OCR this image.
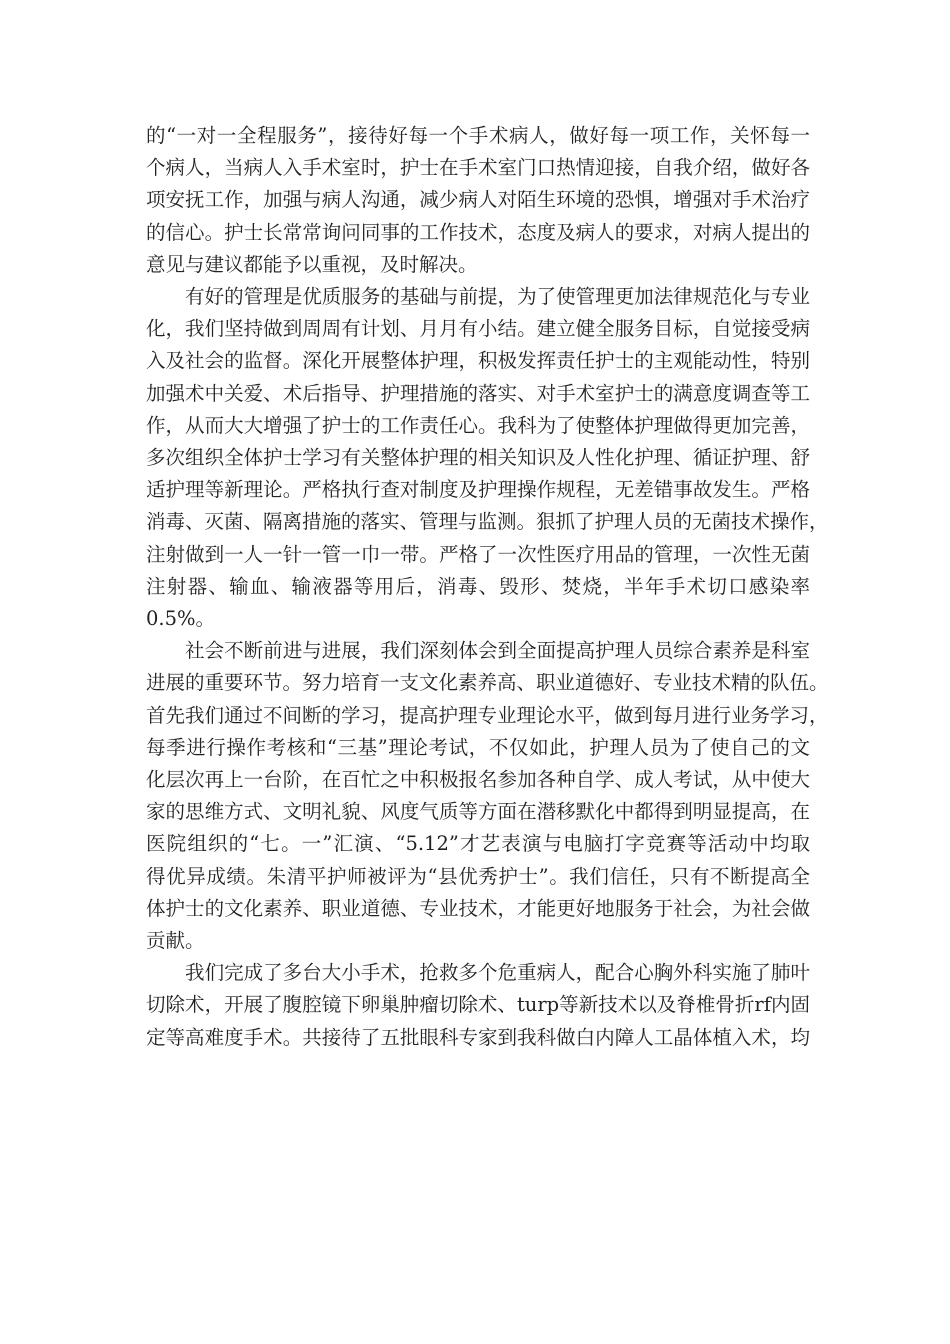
的“一对一全程服务”，接待好每一个手术病人，做好每一项工作，关怀每一
个病人，当病人入手术室时，护士在手术室门口热情迎接，自我介绍，做好各
项安抚工作，加强与病人沟通，减少病人对陌生环境的恐惧，增强对手术治疗
的信心。护士长常常询问同事的工作技术，态度及病人的要求，对病人提出的
意见与建议都能予以重视，及时解决。

　　有好的管理是优质服务的基础与前提，为了使管理更加法律规范化与专业
化，我们坚持做到周周有计划、月月有小结。建立健全服务目标，自觉接受病
入及社会的监督。深化开展整体护理，积极发挥责任护士的主观能动性，特别
加强术中关爱、术后指导、护理措施的落实、对手术室护士的满意度调查等工
作，从而大大增强了护士的工作责任心。我科为了使整体护理做得更加完善，
多次组织全体护士学习有关整体护理的相关知识及人性化护理、循证护理、舒
适护理等新理论。严格执行查对制度及护理操作规程，无差错事故发生。严格
消毒、灭菌、隔离措施的落实、管理与监测。狠抓了护理人员的无菌技术操作，
注射做到一人一针一管一巾一带。严格了一次性医疗用品的管理，一次性无菌
注射器、输血、输液器等用后，消毒、毁形、焚烧，半年手术切口感染率
0.5%。

　　社会不断前进与进展，我们深刻体会到全面提高护理人员综合素养是科室
进展的重要环节。努力培育一支文化素养高、职业道德好、专业技术精的队伍。
首先我们通过不间断的学习，提高护理专业理论水平，做到每月进行业务学习，
每季进行操作考核和“三基”理论考试，不仅如此，护理人员为了使自己的文
化层次再上一台阶，在百忙之中积极报名参加各种自学、成人考试，从中使大
家的思维方式、文明礼貌、风度气质等方面在潜移默化中都得到明显提高，在
医院组织的“七。一”汇演、“5.12”才艺表演与电脑打字竞赛等活动中均取
得优异成绩。朱清平护师被评为“县优秀护士”。我们信任，只有不断提高全
体护士的文化素养、职业道德、专业技术，才能更好地服务于社会，为社会做
贡献。

　　我们完成了多台大小手术，抢救多个危重病人，配合心胸外科实施了肺叶
切除术，开展了腹腔镜下卵巢肿瘤切除术、turp等新技术以及脊椎骨折rf内固
定等高难度手术。共接待了五批眼科专家到我科做白内障人工晶体植入术，均
